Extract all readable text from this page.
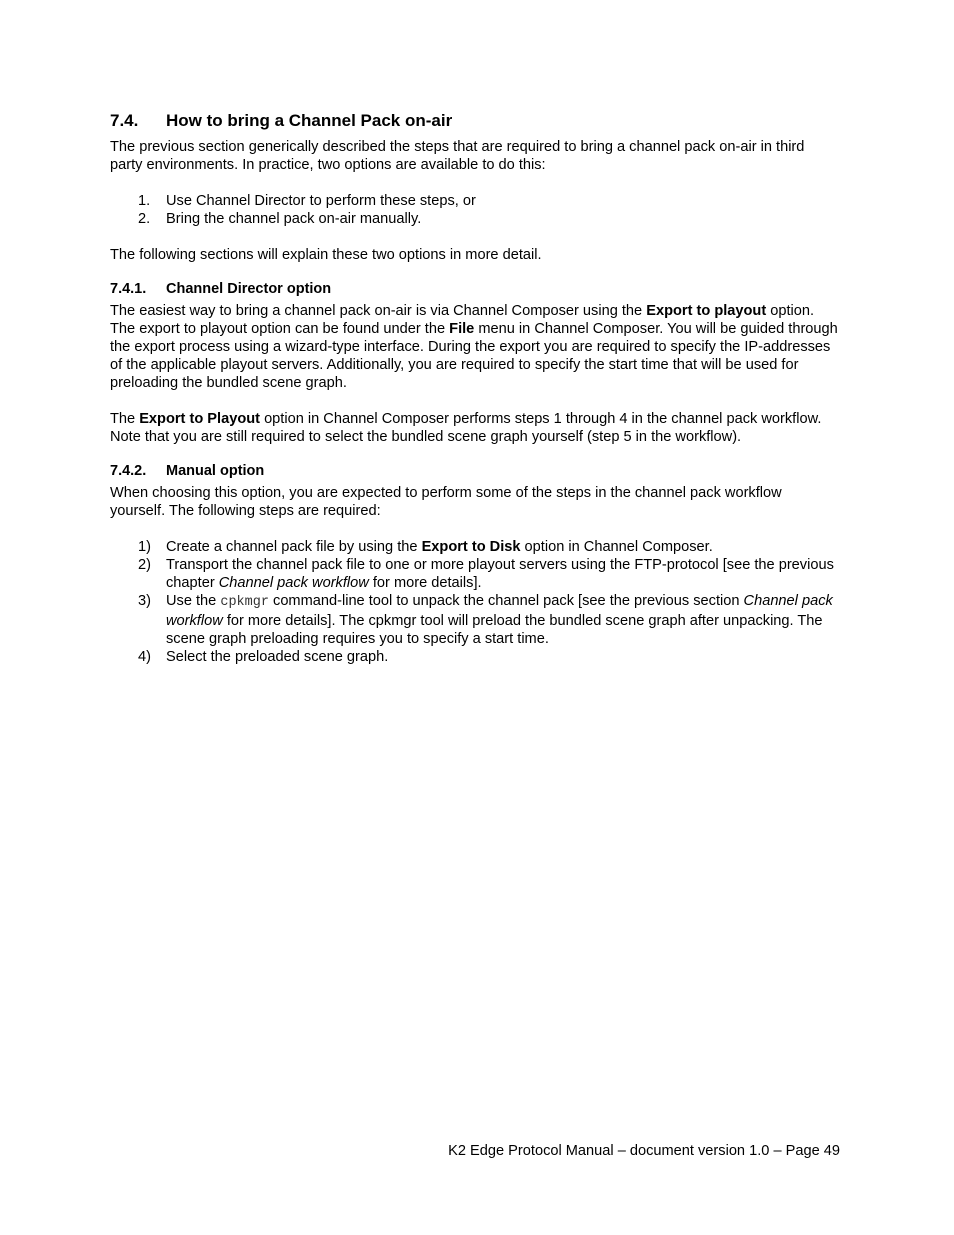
7.4.	How to bring a Channel Pack on-air

The previous section generically described the steps that are required to bring a channel pack on-air in third party environments. In practice, two options are available to do this:

1.	Use Channel Director to perform these steps, or
2.	Bring the channel pack on-air manually.

The following sections will explain these two options in more detail.

7.4.1.	Channel Director option

The easiest way to bring a channel pack on-air is via Channel Composer using the Export to playout option. The export to playout option can be found under the File menu in Channel Composer. You will be guided through the export process using a wizard-type interface. During the export you are required to specify the IP-addresses of the applicable playout servers. Additionally, you are required to specify the start time that will be used for preloading the bundled scene graph.

The Export to Playout option in Channel Composer performs steps 1 through 4 in the channel pack workflow. Note that you are still required to select the bundled scene graph yourself (step 5 in the workflow).

7.4.2.	Manual option

When choosing this option, you are expected to perform some of the steps in the channel pack workflow yourself. The following steps are required:

1)	Create a channel pack file by using the Export to Disk option in Channel Composer.
2)	Transport the channel pack file to one or more playout servers using the FTP-protocol [see the previous chapter Channel pack workflow for more details].
3)	Use the cpkmgr command-line tool to unpack the channel pack [see the previous section Channel pack workflow for more details]. The cpkmgr tool will preload the bundled scene graph after unpacking. The scene graph preloading requires you to specify a start time.
4)	Select the preloaded scene graph.
K2 Edge Protocol Manual – document version 1.0 – Page 49
